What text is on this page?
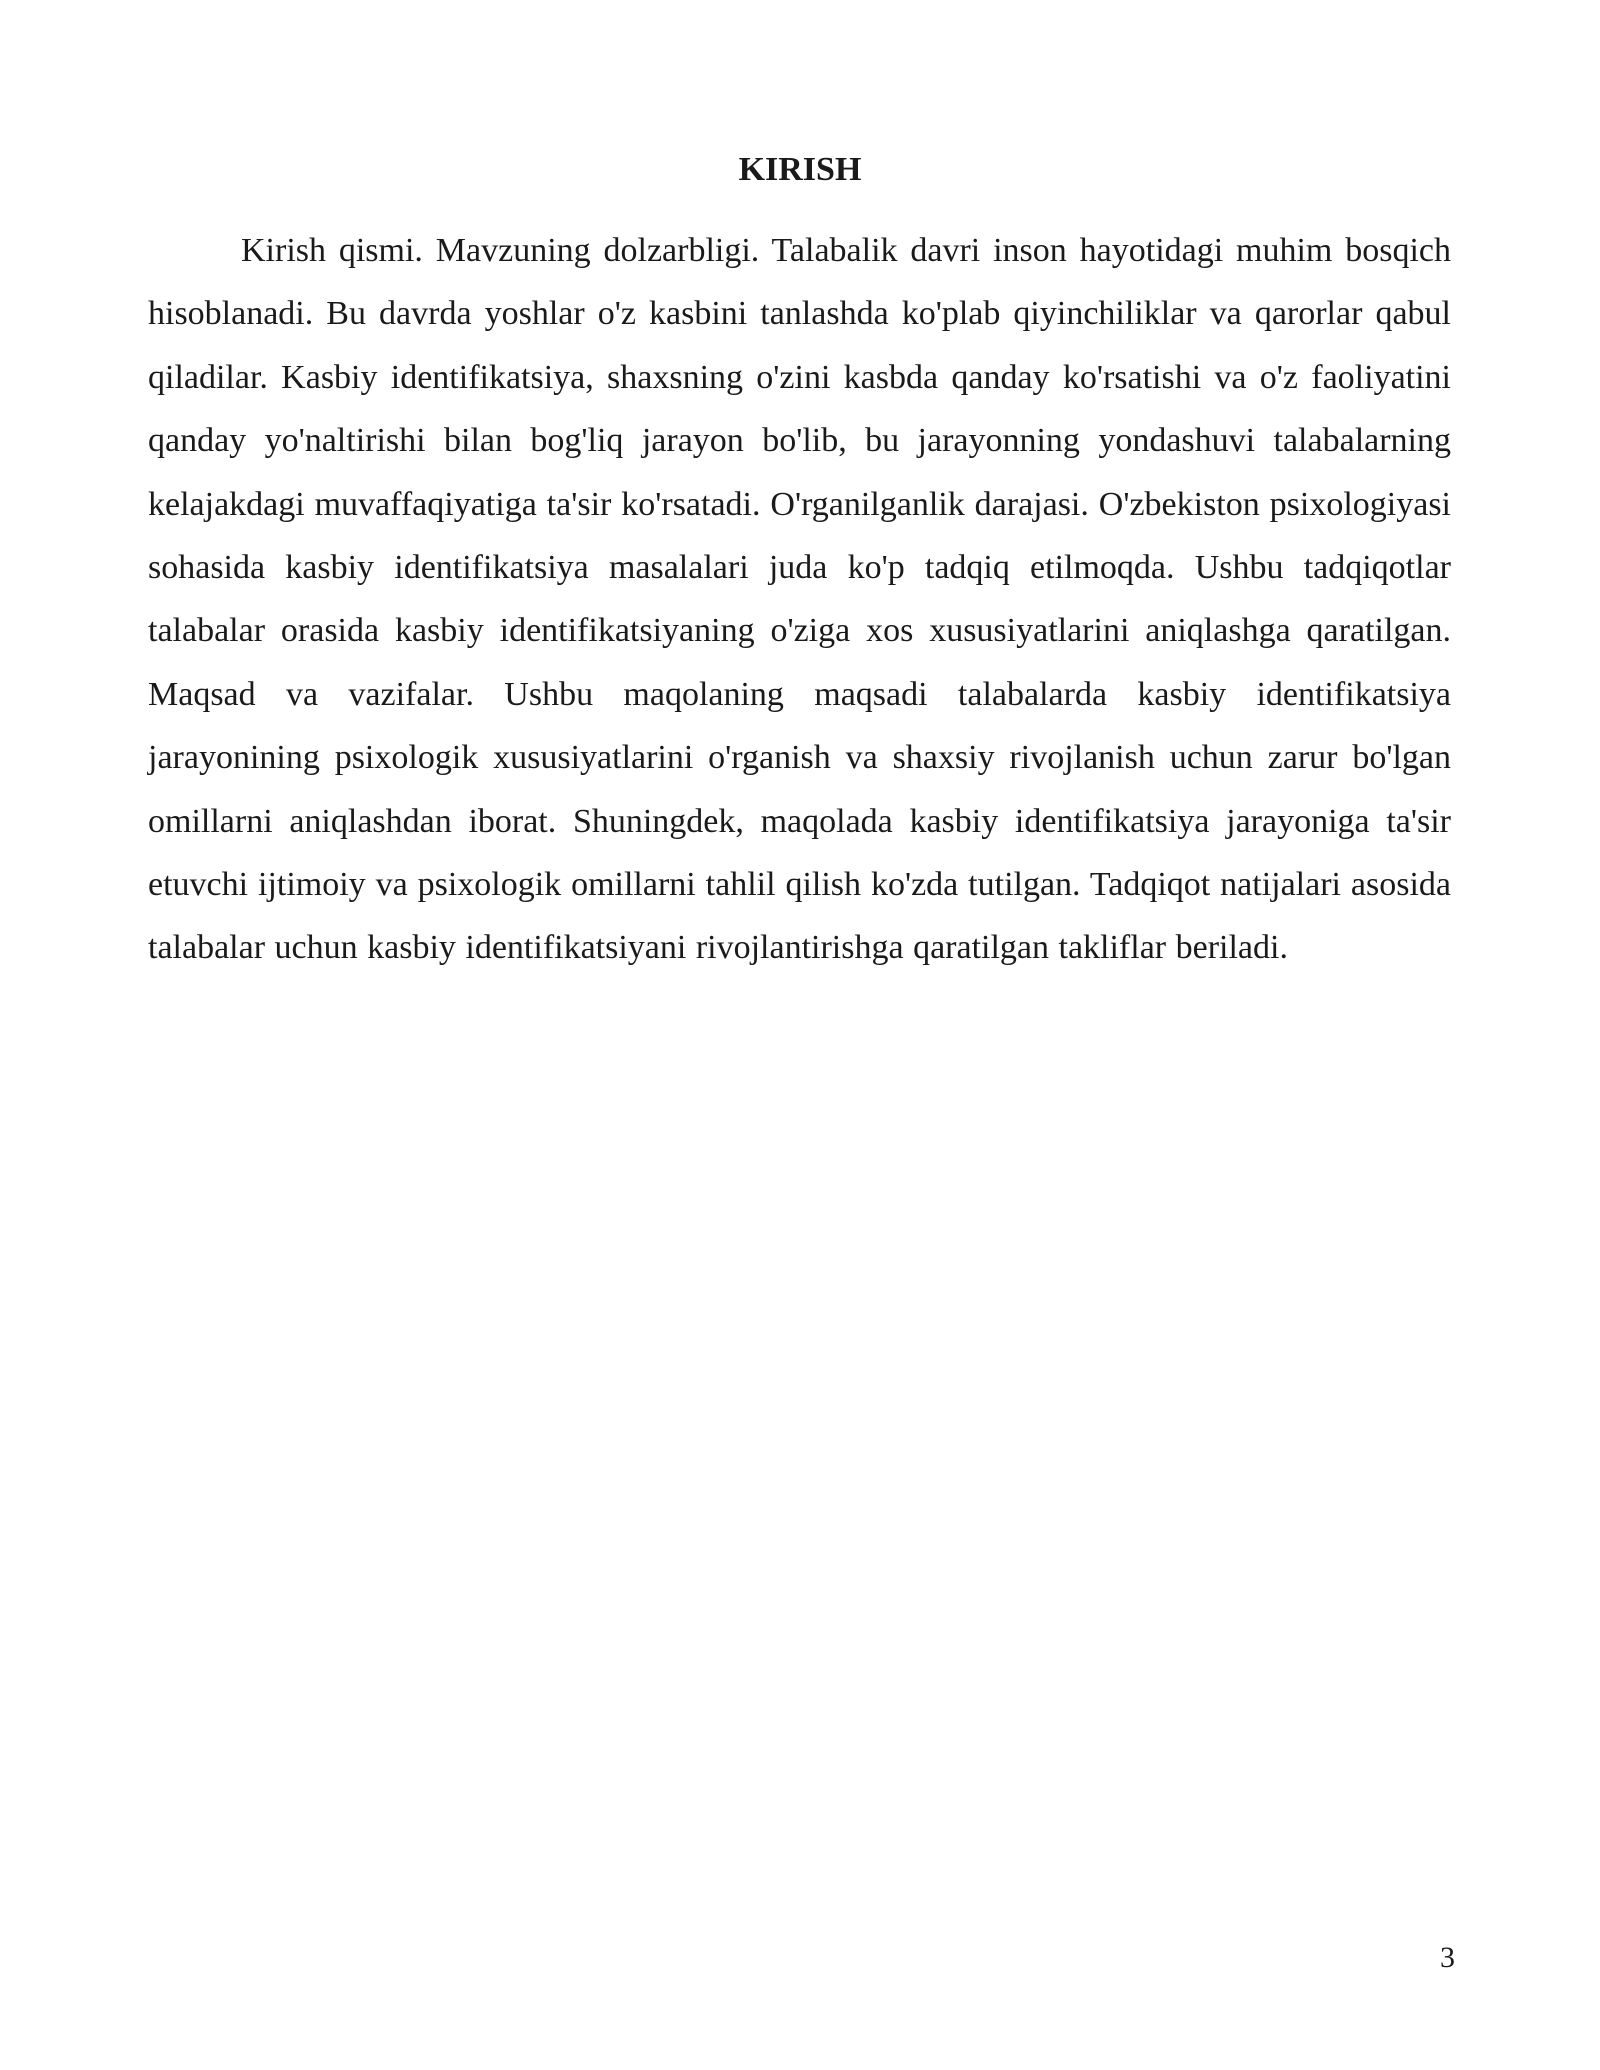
KIRISH

Kirish qismi. Mavzuning dolzarbligi. Talabalik davri inson hayotidagi muhim bosqich hisoblanadi. Bu davrda yoshlar o'z kasbini tanlashda ko'plab qiyinchiliklar va qarorlar qabul qiladilar. Kasbiy identifikatsiya, shaxsning o'zini kasbda qanday ko'rsatishi va o'z faoliyatini qanday yo'naltirishi bilan bog'liq jarayon bo'lib, bu jarayonning yondashuvi talabalarning kelajakdagi muvaffaqiyatiga ta'sir ko'rsatadi. O'rganilganlik darajasi. O'zbekiston psixologiyasi sohasida kasbiy identifikatsiya masalalari juda ko'p tadqiq etilmoqda. Ushbu tadqiqotlar talabalar orasida kasbiy identifikatsiyaning o'ziga xos xususiyatlarini aniqlashga qaratilgan. Maqsad va vazifalar. Ushbu maqolaning maqsadi talabalarda kasbiy identifikatsiya jarayonining psixologik xususiyatlarini o'rganish va shaxsiy rivojlanish uchun zarur bo'lgan omillarni aniqlashdan iborat. Shuningdek, maqolada kasbiy identifikatsiya jarayoniga ta'sir etuvchi ijtimoiy va psixologik omillarni tahlil qilish ko'zda tutilgan. Tadqiqot natijalari asosida talabalar uchun kasbiy identifikatsiyani rivojlantirishga qaratilgan takliflar beriladi.

3
